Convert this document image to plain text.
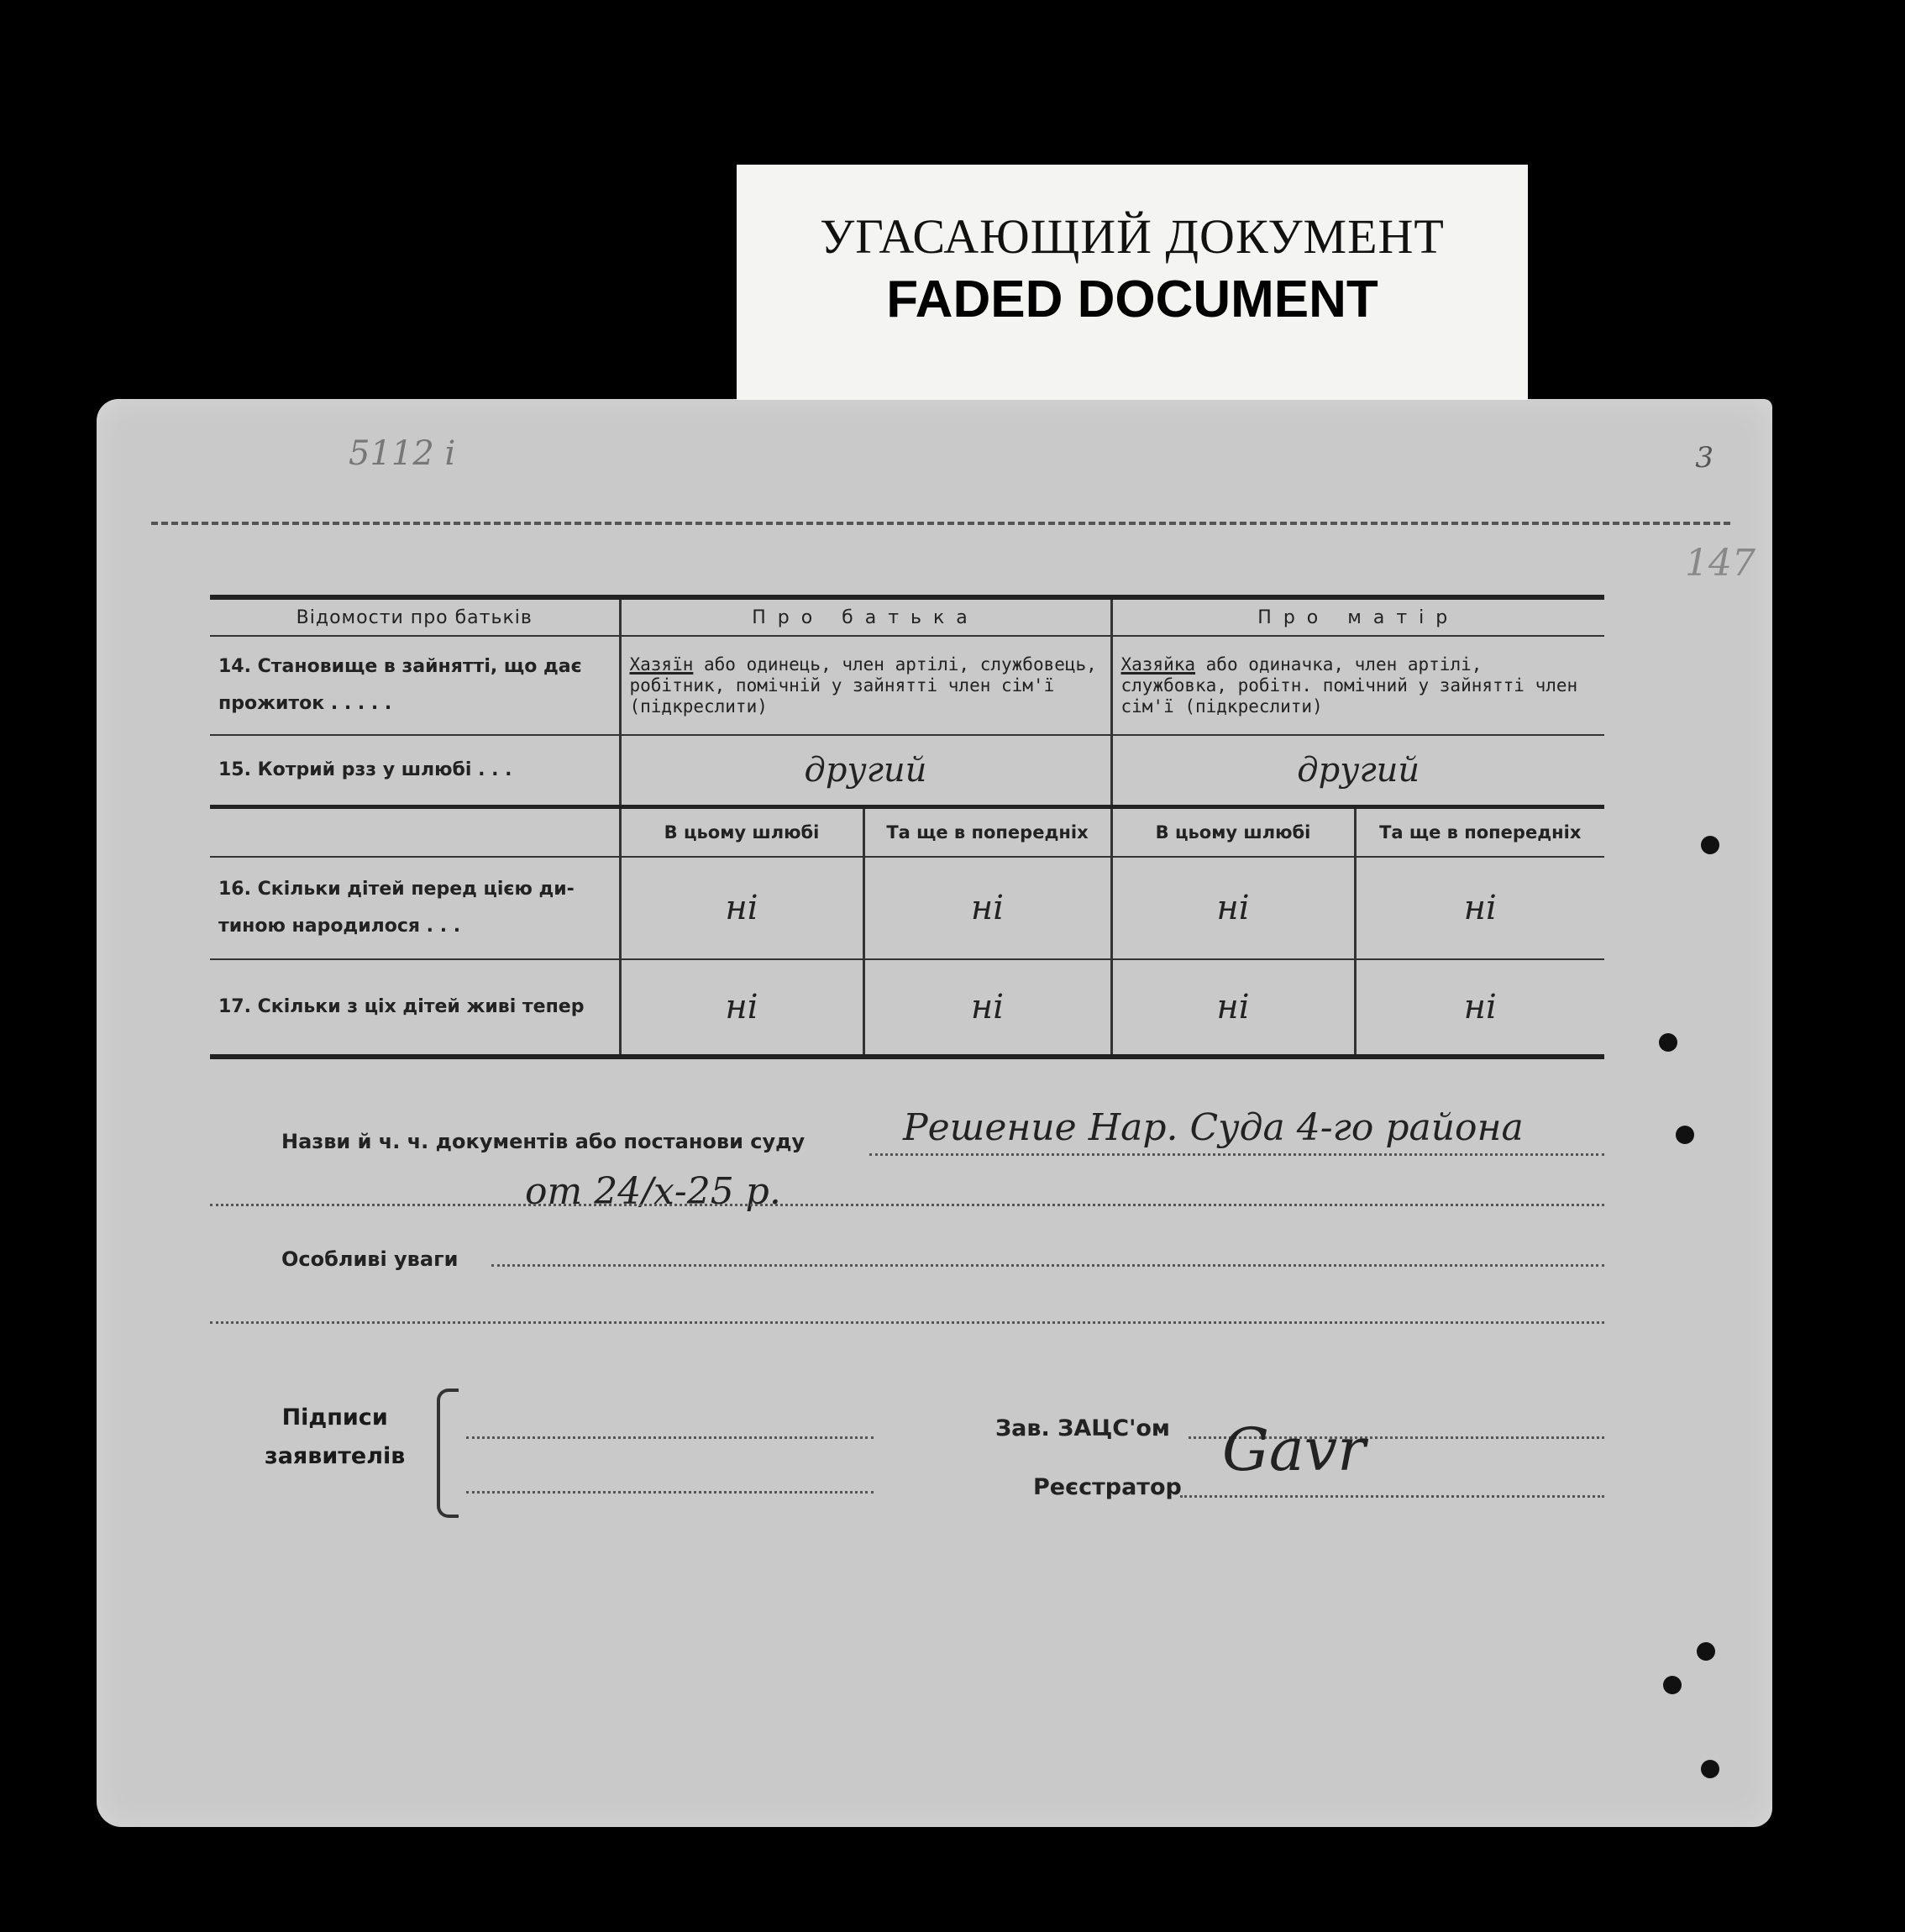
УГАСАЮЩИЙ ДОКУМЕНТ
FADED DOCUMENT
5112 і	3
147
Відомости про батьків	Про батька		Про матір	

14. Становище в зайнятті, що дає
прожиток . . . . .	Хазяїн або одинець, член артілі, службовець, робітник, помічній у зайнятті член сім'ї (підкреслити)		Хазяйка або одиначка, член артілі, службовка, робітн. помічний у зайнятті член сім'ї (підкреслити)	
15. Котрий рзз у шлюбі . . .	другий		другий	
	В цьому шлюбі	Та ще в попередніх	В цьому шлюбі	Та ще в попередніх

16. Скільки дітей перед цією ди-
тиною народилося . . .	ні	ні	ні	ні
17. Скільки з ціх дітей живі тепер	ні	ні	ні	ні
Назви й ч. ч. документів або постанови суду	Решение Нар. Суда 4-го района
от 24/х-25 р.
Особливі уваги
Підписи
заявителів
Зав. ЗАЦС'ом
Реєстратор
Gavr
